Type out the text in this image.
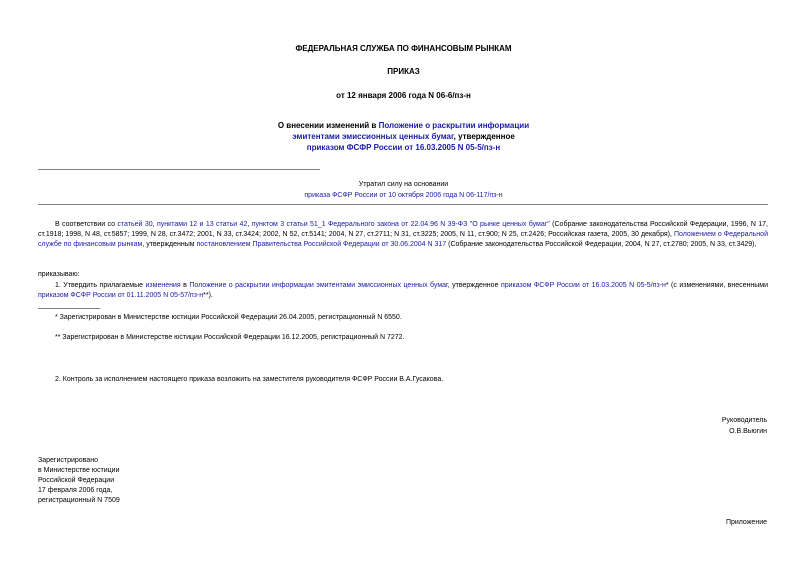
ФЕДЕРАЛЬНАЯ СЛУЖБА ПО ФИНАНСОВЫМ РЫНКАМ
ПРИКАЗ
от 12 января 2006 года N 06-6/пз-н
О внесении изменений в Положение о раскрытии информации
эмитентами эмиссионных ценных бумаг, утвержденное
приказом ФСФР России от 16.03.2005 N 05-5/пз-н
Утратил силу на основании
приказа ФСФР России от 10 октября 2006 года N 06-117/пз-н
В соответствии со статьей 30, пунктами 12 и 13 статьи 42, пунктом 3 статьи 51_1 Федерального закона от 22.04.96 N 39-ФЗ "О рынке ценных бумаг" (Собрание законодательства Российской Федерации, 1996, N 17, ст.1918; 1998, N 48, ст.5857; 1999, N 28, ст.3472; 2001, N 33, ст.3424; 2002, N 52, ст.5141; 2004, N 27, ст.2711; N 31, ст.3225; 2005, N 11, ст.900; N 25, ст.2426; Российская газета, 2005, 30 декабря), Положением о Федеральной службе по финансовым рынкам, утвержденным постановлением Правительства Российской Федерации от 30.06.2004 N 317 (Собрание законодательства Российской Федерации, 2004, N 27, ст.2780; 2005, N 33, ст.3429),
приказываю:
1. Утвердить прилагаемые изменения в Положение о раскрытии информации эмитентами эмиссионных ценных бумаг, утвержденное приказом ФСФР России от 16.03.2005 N 05-5/пз-н* (с изменениями, внесенными приказом ФСФР России от 01.11.2005 N 05-57/пз-н**).
* Зарегистрирован в Министерстве юстиции Российской Федерации 26.04.2005, регистрационный N 6550.
** Зарегистрирован в Министерстве юстиции Российской Федерации 16.12.2005, регистрационный N 7272.
2. Контроль за исполнением настоящего приказа возложить на заместителя руководителя ФСФР России В.А.Гусакова.
Руководитель
О.В.Вьюгин
Зарегистрировано
в Министерстве юстиции
Российской Федерации
17 февраля 2006 года,
регистрационный N 7509
Приложение
